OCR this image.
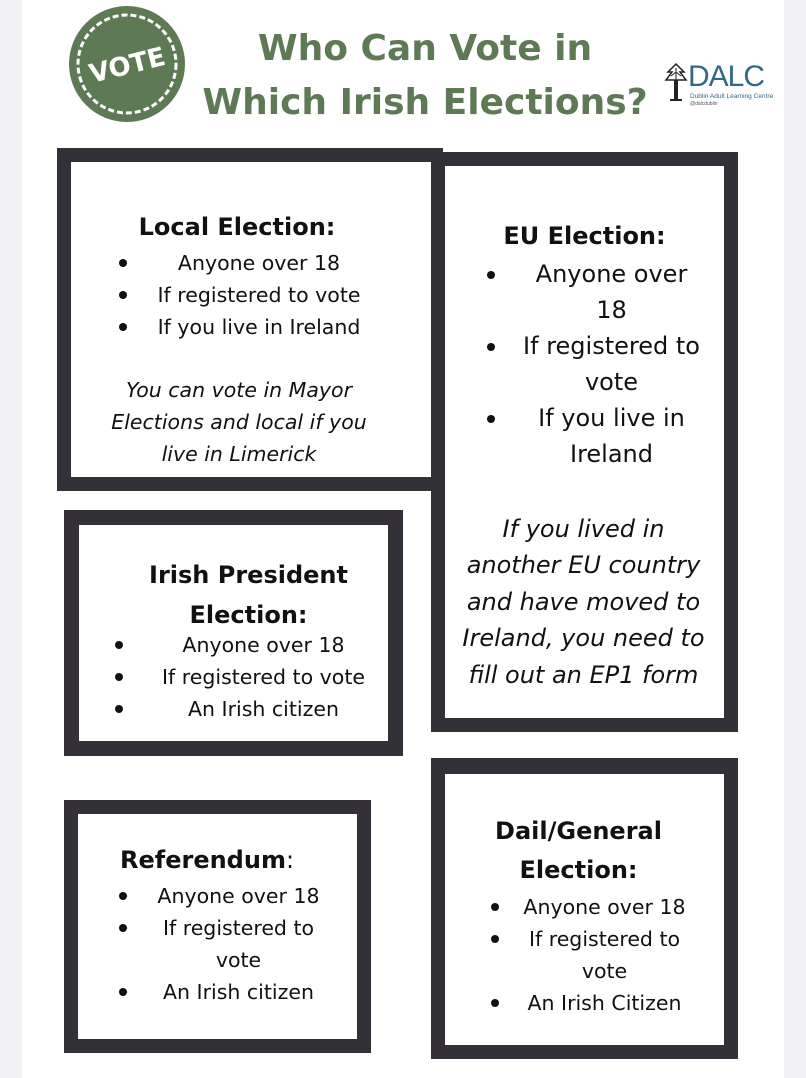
VOTE	Who Can Vote in
Which Irish Elections?
DALC
Dublin Adult Learning Centre
@dalcdublin
EU Election:
Anyone over 18
If registered to vote
If you live in Ireland

If you lived in another EU country and have moved to Ireland, you need to fill out an EP1 form

Local Election:
Anyone over 18
If registered to vote
If you live in Ireland

You can vote in Mayor Elections and local if you live in Limerick

Irish President Election:
Anyone over 18
If registered to vote
An Irish citizen
Referendum:
Anyone over 18
If registered to vote
An Irish citizen
Dail/General Election:
Anyone over 18
If registered to vote
An Irish Citizen
